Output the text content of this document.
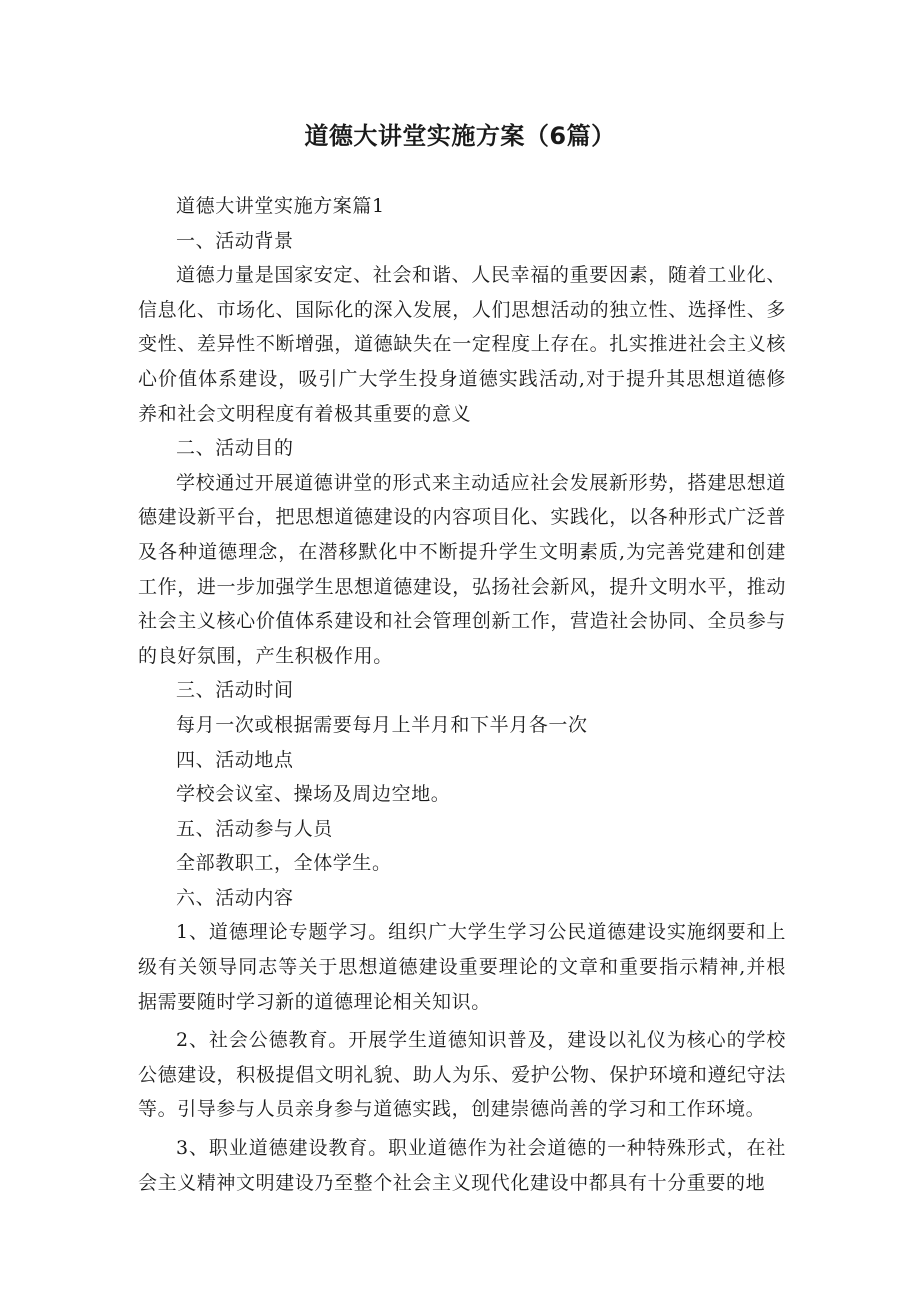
道德大讲堂实施方案（6篇）

道德大讲堂实施方案篇1

一、活动背景

道德力量是国家安定、社会和谐、人民幸福的重要因素，随着工业化、信息化、市场化、国际化的深入发展，人们思想活动的独立性、选择性、多变性、差异性不断增强，道德缺失在一定程度上存在。扎实推进社会主义核心价值体系建设，吸引广大学生投身道德实践活动,对于提升其思想道德修养和社会文明程度有着极其重要的意义

二、活动目的

学校通过开展道德讲堂的形式来主动适应社会发展新形势，搭建思想道德建设新平台，把思想道德建设的内容项目化、实践化，以各种形式广泛普及各种道德理念，在潜移默化中不断提升学生文明素质,为完善党建和创建工作，进一步加强学生思想道德建设，弘扬社会新风，提升文明水平，推动社会主义核心价值体系建设和社会管理创新工作，营造社会协同、全员参与的良好氛围，产生积极作用。

三、活动时间

每月一次或根据需要每月上半月和下半月各一次

四、活动地点

学校会议室、操场及周边空地。

五、活动参与人员

全部教职工，全体学生。

六、活动内容

1、道德理论专题学习。组织广大学生学习公民道德建设实施纲要和上级有关领导同志等关于思想道德建设重要理论的文章和重要指示精神,并根据需要随时学习新的道德理论相关知识。

2、社会公德教育。开展学生道德知识普及，建设以礼仪为核心的学校公德建设，积极提倡文明礼貌、助人为乐、爱护公物、保护环境和遵纪守法等。引导参与人员亲身参与道德实践，创建崇德尚善的学习和工作环境。

3、职业道德建设教育。职业道德作为社会道德的一种特殊形式，在社会主义精神文明建设乃至整个社会主义现代化建设中都具有十分重要的地
